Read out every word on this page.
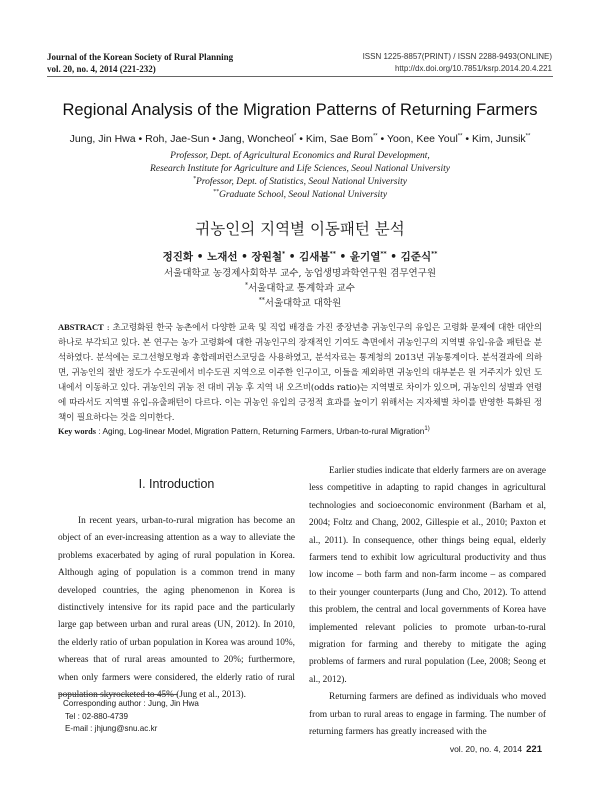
Journal of the Korean Society of Rural Planning
vol. 20, no. 4, 2014 (221-232)
ISSN 1225-8857(PRINT) / ISSN 2288-9493(ONLINE)
http://dx.doi.org/10.7851/ksrp.2014.20.4.221
Regional Analysis of the Migration Patterns of Returning Farmers
Jung, Jin Hwa • Roh, Jae-Sun • Jang, Woncheol* • Kim, Sae Bom** • Yoon, Kee Youl** • Kim, Junsik**
Professor, Dept. of Agricultural Economics and Rural Development,
Research Institute for Agriculture and Life Sciences, Seoul National University
*Professor, Dept. of Statistics, Seoul National University
**Graduate School, Seoul National University
귀농인의 지역별 이동패턴 분석
정진화 • 노재선 • 장원철* • 김새봄** • 윤기열** • 김준식**
서울대학교 농경제사회학부 교수, 농업생명과학연구원 겸무연구원
*서울대학교 통계학과 교수
**서울대학교 대학원
ABSTRACT : 초고령화된 한국 농촌에서 다양한 교육 및 직업 배경을 가진 중장년층 귀농인구의 유입은 고령화 문제에 대한 대안의 하나로 부각되고 있다. 본 연구는 농가 고령화에 대한 귀농인구의 장재적인 기여도 측면에서 귀농인구의 지역별 유입-유출 패턴을 분석하였다. 분석에는 로그선형모형과 총합레퍼런스코딩을 사용하였고, 분석자료는 통계청의 2013년 귀농통계이다. 분석결과에 의하면, 귀농인의 절반 정도가 수도권에서 비수도권 지역으로 이주한 인구이고, 이들을 제외하면 귀농인의 대부분은 원 거주지가 있던 도 내에서 이동하고 있다. 귀농인의 귀농 전 대비 귀농 후 지역 내 오즈비(odds ratio)는 지역별로 차이가 있으며, 귀농인의 성별과 연령에 따라서도 지역별 유입-유출패턴이 다르다. 이는 귀농인 유입의 긍정적 효과를 높이기 위해서는 지자체별 차이를 반영한 특화된 정책이 필요하다는 것을 의미한다.
Key words : Aging, Log-linear Model, Migration Pattern, Returning Farmers, Urban-to-rural Migration$^{1)}$
I. Introduction

In recent years, urban-to-rural migration has become an object of an ever-increasing attention as a way to alleviate the problems exacerbated by aging of rural population in Korea. Although aging of population is a common trend in many developed countries, the aging phenomenon in Korea is distinctively intensive for its rapid pace and the particularly large gap between urban and rural areas (UN, 2012). In 2010, the elderly ratio of urban population in Korea was around 10%, whereas that of rural areas amounted to 20%; furthermore, when only farmers were considered, the elderly ratio of rural population skyrocketed to 45% (Jung et al., 2013).

Earlier studies indicate that elderly farmers are on average less competitive in adapting to rapid changes in agricultural technologies and socioeconomic environment (Barham et al, 2004; Foltz and Chang, 2002, Gillespie et al., 2010; Paxton et al., 2011). In consequence, other things being equal, elderly farmers tend to exhibit low agricultural productivity and thus low income – both farm and non-farm income – as compared to their younger counterparts (Jung and Cho, 2012). To attend this problem, the central and local governments of Korea have implemented relevant policies to promote urban-to-rural migration for farming and thereby to mitigate the aging problems of farmers and rural population (Lee, 2008; Seong et al., 2012).

Returning farmers are defined as individuals who moved from urban to rural areas to engage in farming. The number of returning farmers has greatly increased with the

Corresponding author : Jung, Jin Hwa
Tel : 02-880-4739
E-mail : jhjung@snu.ac.kr
vol. 20, no. 4, 2014 221
